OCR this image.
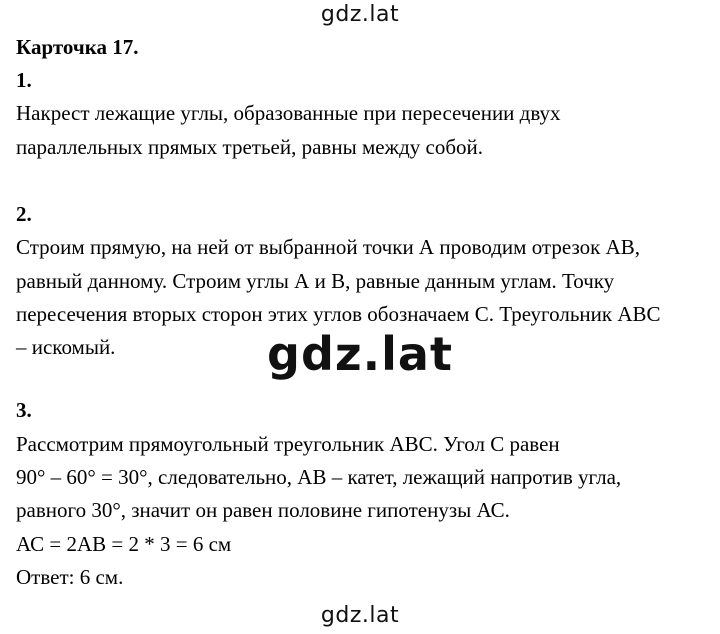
gdz.lat
Карточка 17.
1.
Накрест лежащие углы, образованные при пересечении двух
параллельных прямых третьей, равны между собой.
2.
Строим прямую, на ней от выбранной точки А проводим отрезок АВ,
равный данному. Строим углы А и В, равные данным углам. Точку
пересечения вторых сторон этих углов обозначаем С. Треугольник АВС
– искомый.	gdz.lat
3.
Рассмотрим прямоугольный треугольник АВС. Угол С равен
90° – 60° = 30°, следовательно, АВ – катет, лежащий напротив угла,
равного 30°, значит он равен половине гипотенузы АС.
АС = 2АВ = 2 * 3 = 6 см
Ответ: 6 см.
gdz.lat
